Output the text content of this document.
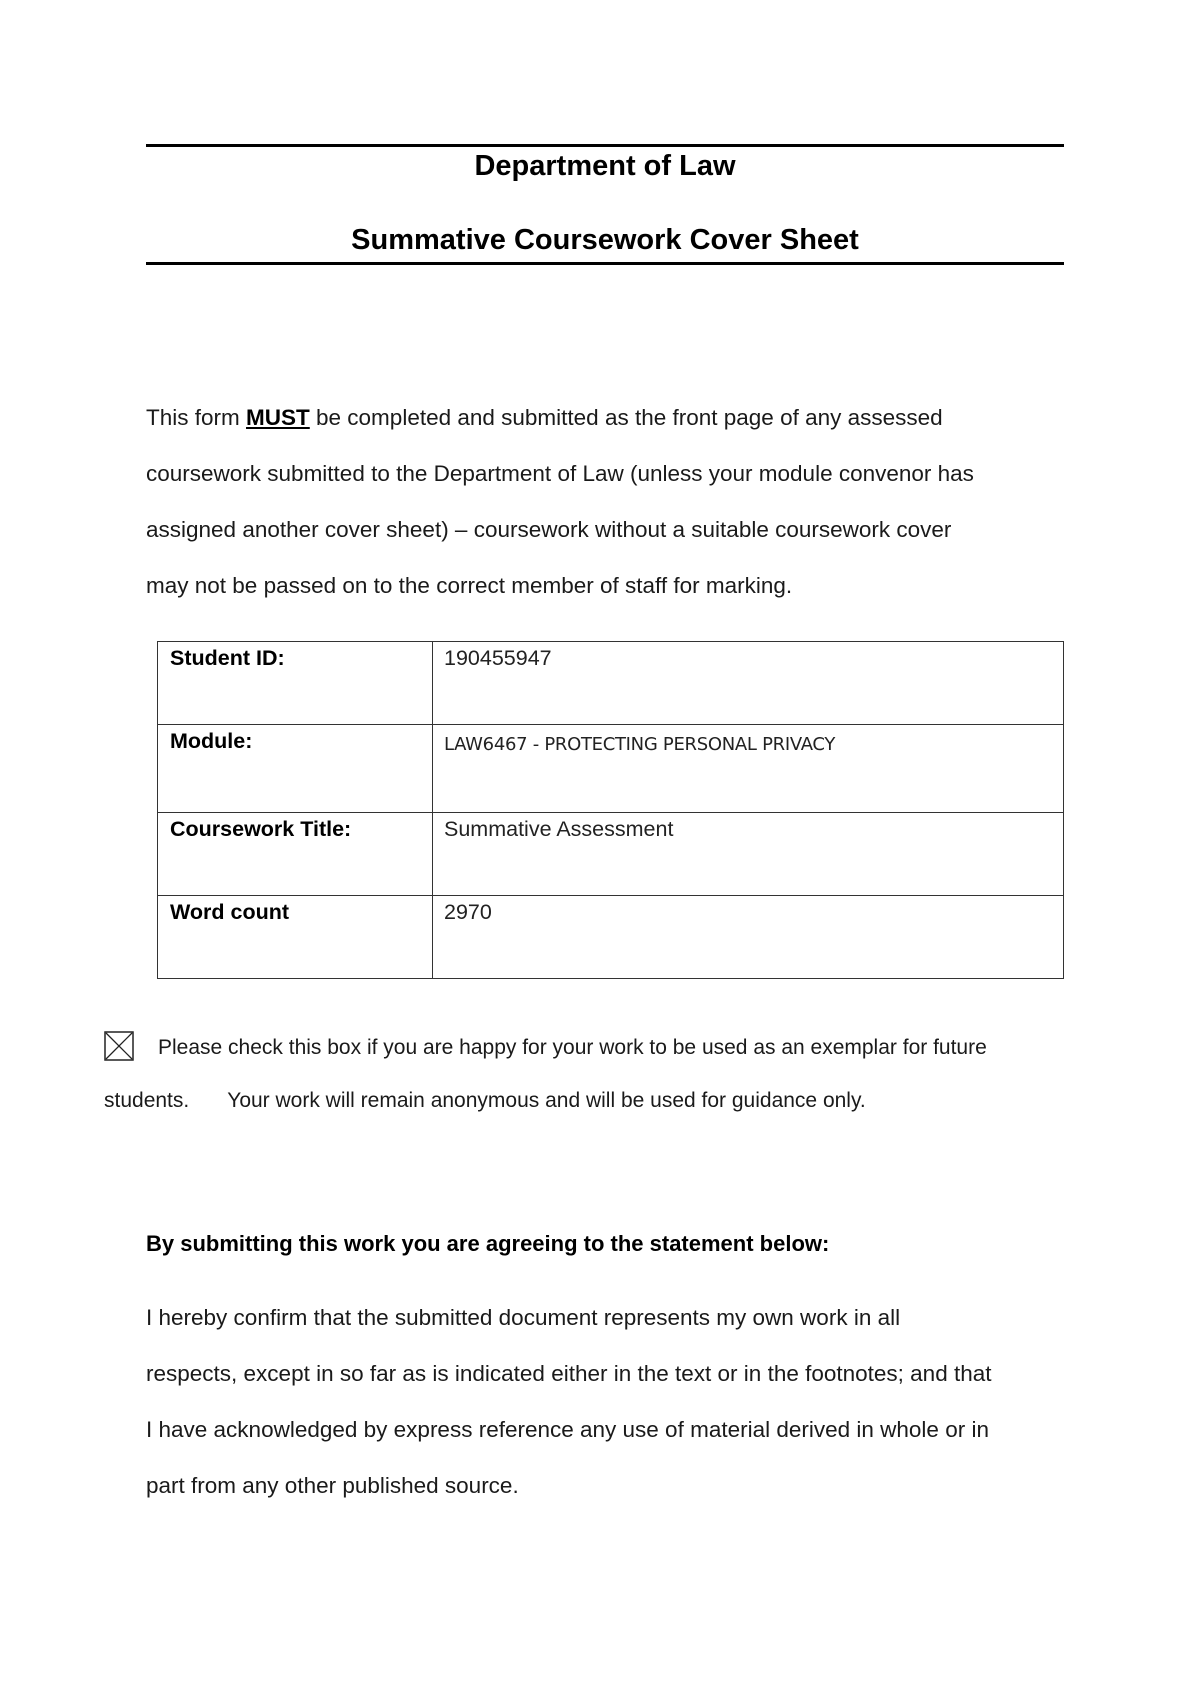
Department of Law
Summative Coursework Cover Sheet
This form MUST be completed and submitted as the front page of any assessed
coursework submitted to the Department of Law (unless your module convenor has
assigned another cover sheet) – coursework without a suitable coursework cover
may not be passed on to the correct member of staff for marking.
Student ID:	190455947
Module:	LAW6467 - PROTECTING PERSONAL PRIVACY
Coursework Title:	Summative Assessment
Word count	2970
Please check this box if you are happy for your work to be used as an exemplar for future
students. Your work will remain anonymous and will be used for guidance only.
By submitting this work you are agreeing to the statement below:
I hereby confirm that the submitted document represents my own work in all
respects, except in so far as is indicated either in the text or in the footnotes; and that
I have acknowledged by express reference any use of material derived in whole or in
part from any other published source.
